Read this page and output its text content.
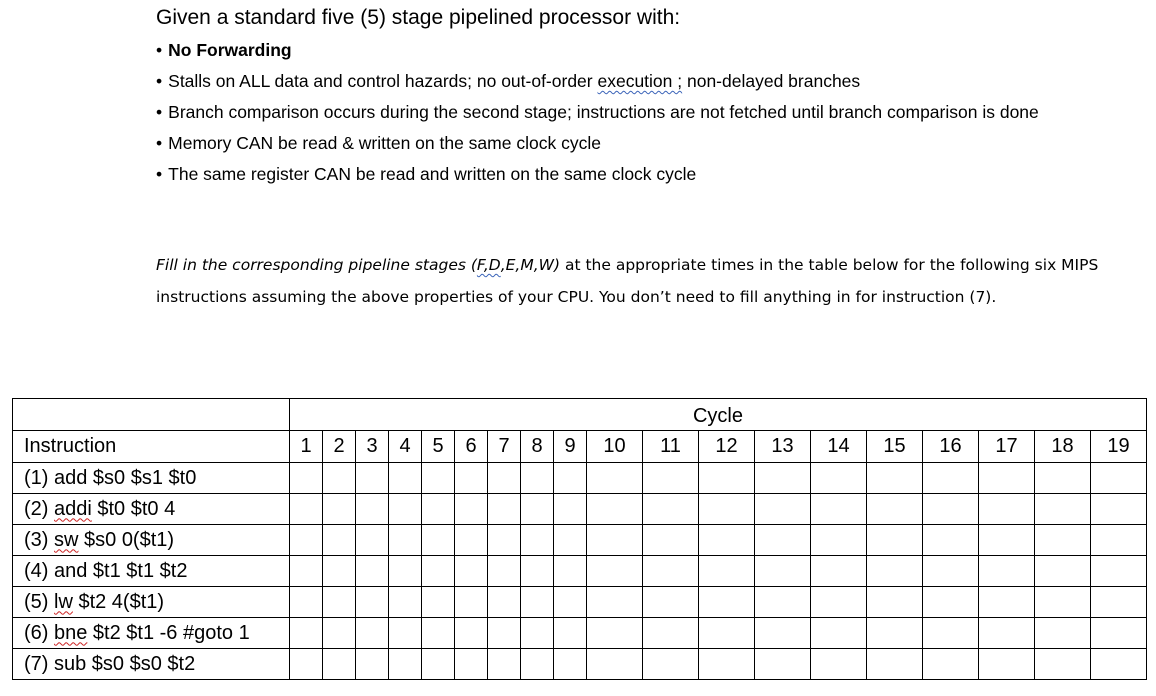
Given a standard five (5) stage pipelined processor with:
• No Forwarding
• Stalls on ALL data and control hazards; no out-of-order execution ; non-delayed branches
• Branch comparison occurs during the second stage; instructions are not fetched until branch comparison is done
• Memory CAN be read & written on the same clock cycle
• The same register CAN be read and written on the same clock cycle

Fill in the corresponding pipeline stages (F,D,E,M,W) at the appropriate times in the table below for the following six MIPS instructions assuming the above properties of your CPU. You don’t need to fill anything in for instruction (7).

	Cycle																		
Instruction	1	2	3	4	5	6	7	8	9	10	11	12	13	14	15	16	17	18	19
(1) add $s0 $s1 $t0																			
(2) addi $t0 $t0 4																			
(3) sw $s0 0($t1)																			
(4) and $t1 $t1 $t2																			
(5) lw $t2 4($t1)																			
(6) bne $t2 $t1 -6 #goto 1																			
(7) sub $s0 $s0 $t2																			
